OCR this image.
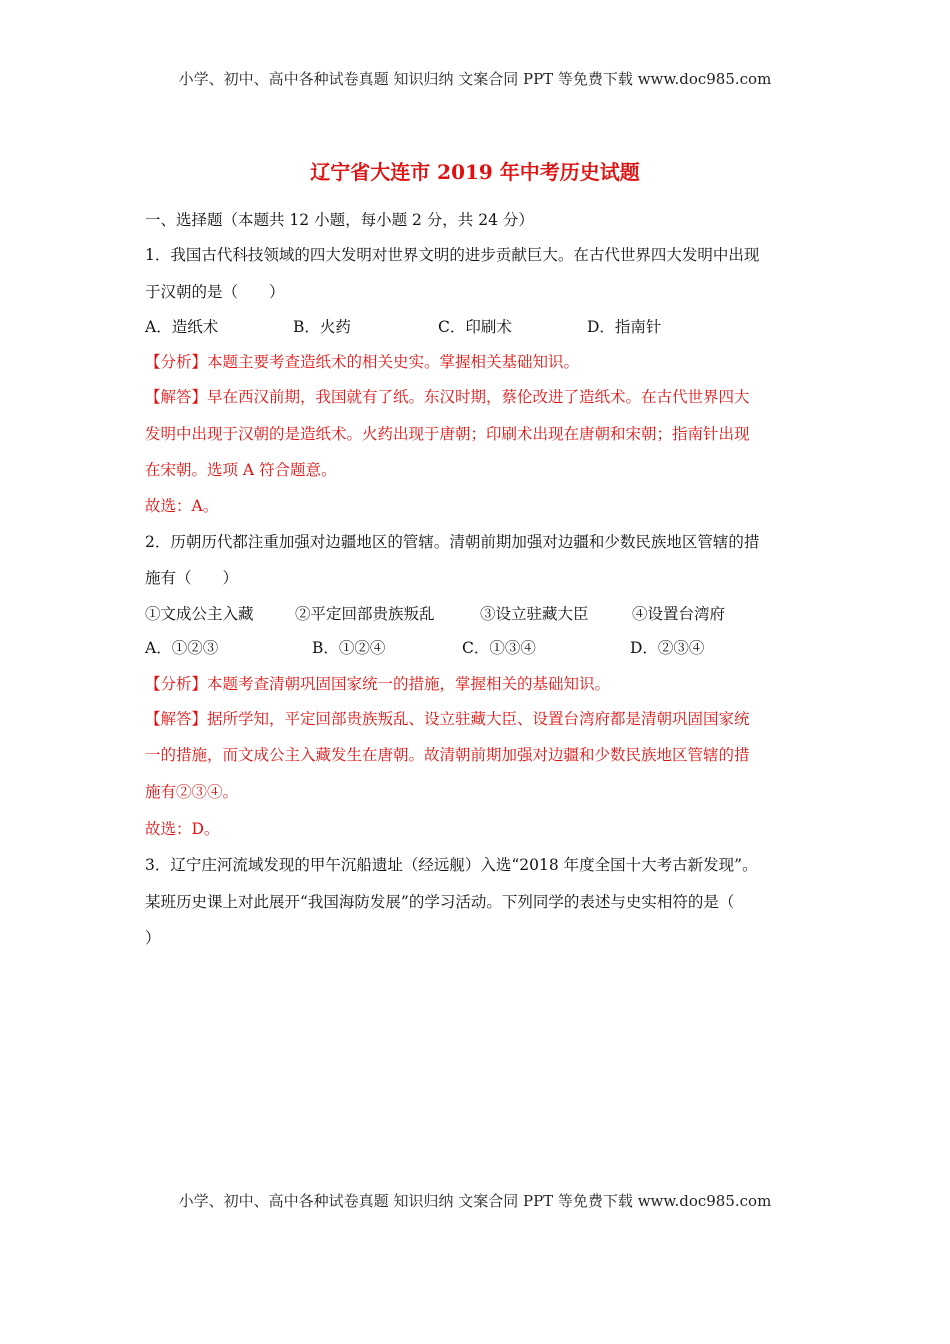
小学、初中、高中各种试卷真题 知识归纳 文案合同 PPT 等免费下载 www.doc985.com
辽宁省大连市 2019 年中考历史试题
一、选择题（本题共 12 小题，每小题 2 分，共 24 分）
1．我国古代科技领域的四大发明对世界文明的进步贡献巨大。在古代世界四大发明中出现
于汉朝的是（　　）
A．造纸术	B．火药	C．印刷术	D．指南针
【分析】本题主要考查造纸术的相关史实。掌握相关基础知识。
【解答】早在西汉前期，我国就有了纸。东汉时期，蔡伦改进了造纸术。在古代世界四大
发明中出现于汉朝的是造纸术。火药出现于唐朝；印刷术出现在唐朝和宋朝；指南针出现
在宋朝。选项 A 符合题意。
故选：A。
2．历朝历代都注重加强对边疆地区的管辖。清朝前期加强对边疆和少数民族地区管辖的措
施有（　　）
①文成公主入藏	②平定回部贵族叛乱	③设立驻藏大臣	④设置台湾府
A．①②③	B．①②④	C．①③④	D．②③④
【分析】本题考查清朝巩固国家统一的措施，掌握相关的基础知识。
【解答】据所学知，平定回部贵族叛乱、设立驻藏大臣、设置台湾府都是清朝巩固国家统
一的措施，而文成公主入藏发生在唐朝。故清朝前期加强对边疆和少数民族地区管辖的措
施有②③④。
故选：D。
3．辽宁庄河流域发现的甲午沉船遗址（经远舰）入选“2018 年度全国十大考古新发现”。
某班历史课上对此展开“我国海防发展”的学习活动。下列同学的表述与史实相符的是（
）
小学、初中、高中各种试卷真题 知识归纳 文案合同 PPT 等免费下载 www.doc985.com
